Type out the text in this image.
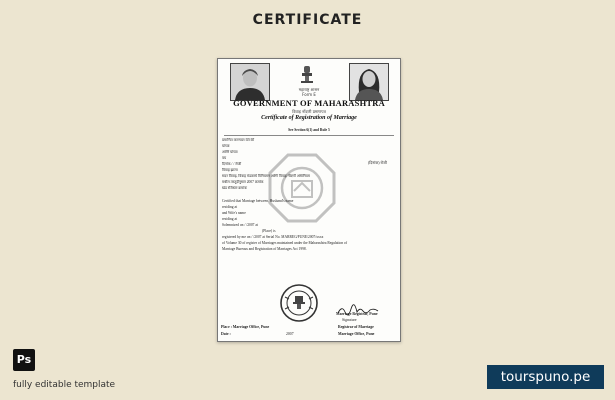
CERTIFICATE
महाराष्ट्र शासन
Form E
GOVERNMENT OF MAHARASHTRA
विवाह नोंदणी प्रमाणपत्र
Certificate of Registration of Marriage
See Section 6(1) and Rule 5
प्रमाणित करण्यात येते की
यांच्या
आणि यांच्या
वय
(दिनांक) रोजी
दिनांक / / रोजी
विवाह झाला
सदर विवाह, विवाह मंडळाचे विनियमन आणि विवाह नोंदणी अधिनियम
मधील तरतूदीनुसार 2007 क्रमांक
खंड रजिस्टर क्रमांक
Certified that Marriage between, Husband's name
residing at
and Wife's name
residing at
Solemnized on / /2007 at
(Place) is
registered by me on / /2007 at Serial No. MARREG/PUNE/2007/xxxx
of Volume 30 of register of Marriages maintained under the Maharashtra Regulation of
Marriage Bureaus and Registration of Marriages Act 1998.
Marriage Registrar, Pune
Signature
Place : Marriage Office, Pune	Registrar of Marriage
Date :	2007	Marriage Office, Pune
Ps
fully editable template	tourspuno.pe
